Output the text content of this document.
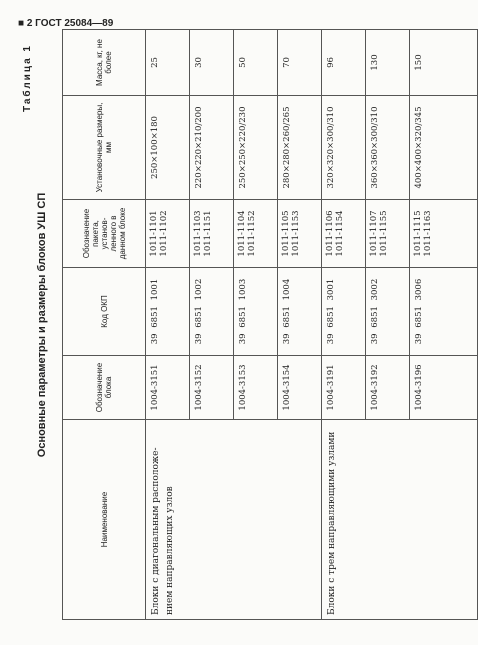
■ 2 ГОСТ 25084—89
Таблица 1
Основные параметры и размеры блоков УШ СП
Наименование	Обозначение блока	Код ОКП	Обозначение пакета, установ- ленного в данном блоке	Установочные размеры, мм	Масса, кг, не более
Блоки с диагональным расположе- нием направляющих узлов	1004-3151	39 6851 1001	1011-1101 1011-1102	250×100×180	25
	1004-3152	39 6851 1002	1011-1103 1011-1151	220×220×210/200	30
	1004-3153	39 6851 1003	1011-1104 1011-1152	250×250×220/230	50
	1004-3154	39 6851 1004	1011-1105 1011-1153	280×280×260/265	70
Блоки с трем направляющими узлами	1004-3191	39 6851 3001	1011-1106 1011-1154	320×320×300/310	96
	1004-3192	39 6851 3002	1011-1107 1011-1155	360×360×300/310	130
	1004-3196	39 6851 3006	1011-1115 1011-1163	400×400×320/345	150
